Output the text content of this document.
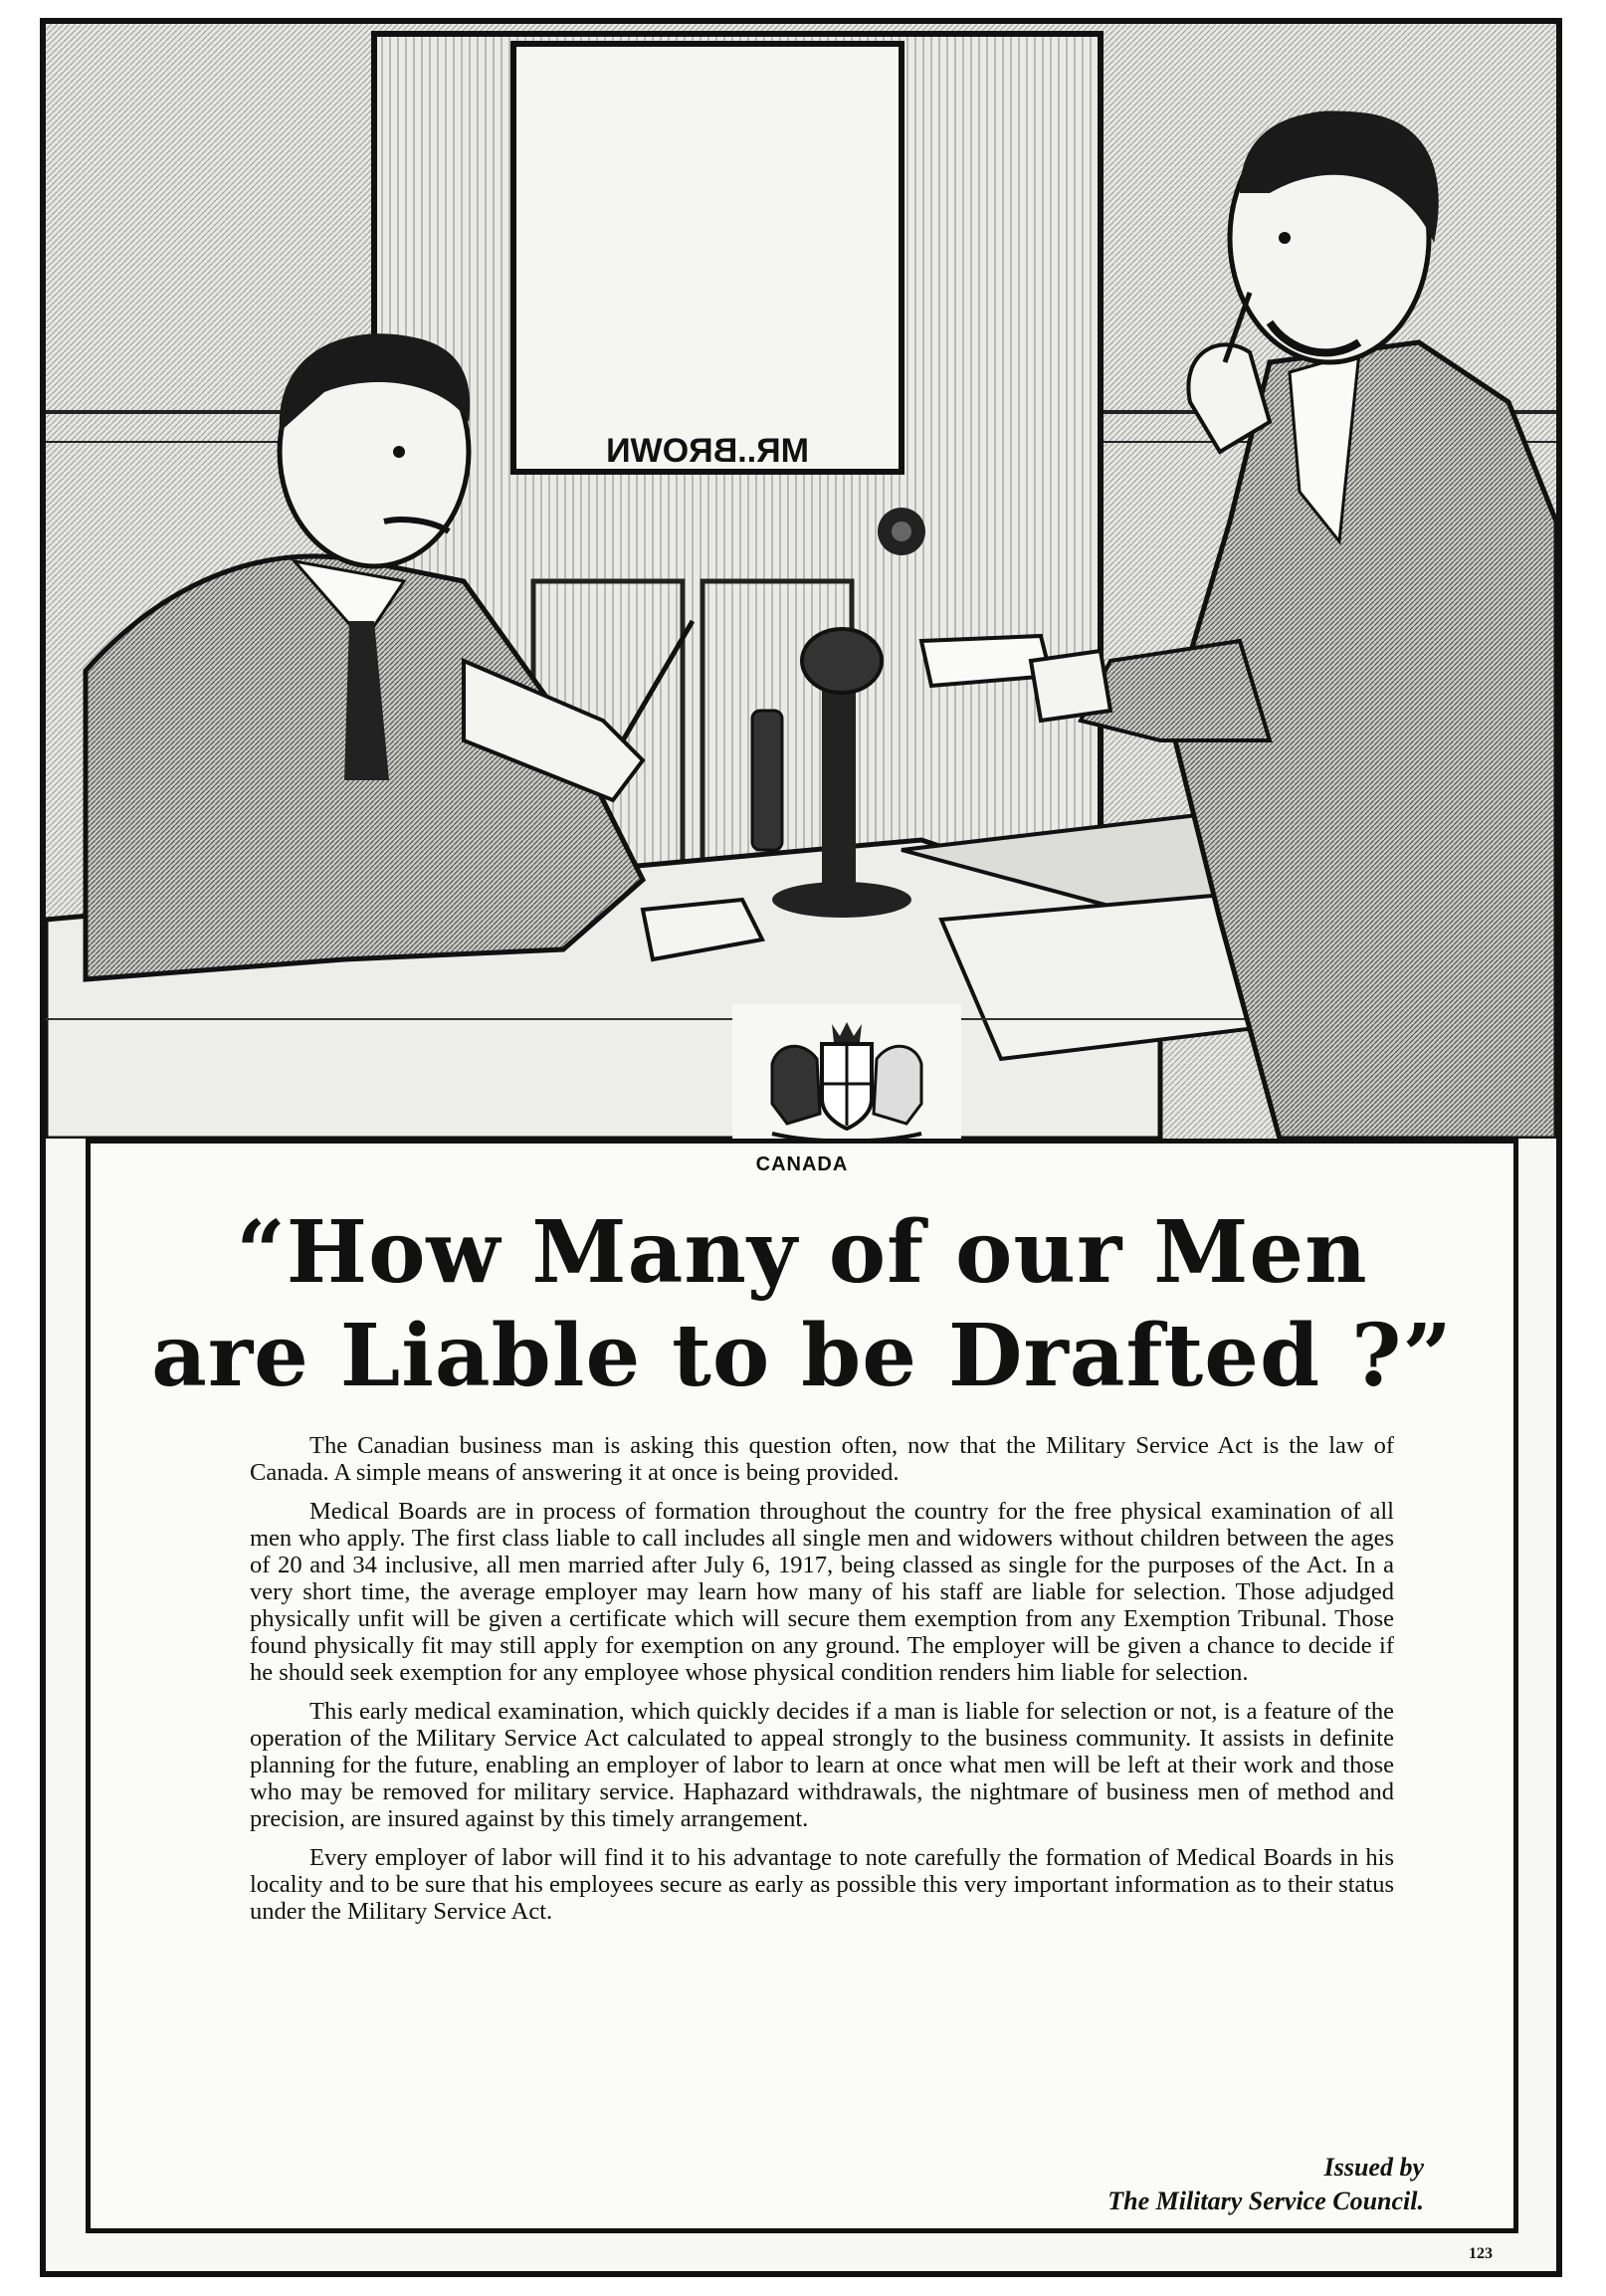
MR..BROWN
CANADA
“How Many of our Men
are Liable to be Drafted ?”

The Canadian business man is asking this question often, now that the Military Service Act is the law of Canada. A simple means of answering it at once is being provided.

Medical Boards are in process of formation throughout the country for the free physical examination of all men who apply. The first class liable to call includes all single men and widowers without children between the ages of 20 and 34 inclusive, all men married after July 6, 1917, being classed as single for the purposes of the Act. In a very short time, the average employer may learn how many of his staff are liable for selection. Those adjudged physically unfit will be given a certificate which will secure them exemption from any Exemption Tribunal. Those found physically fit may still apply for exemption on any ground. The employer will be given a chance to decide if he should seek exemption for any employee whose physical condition renders him liable for selection.

This early medical examination, which quickly decides if a man is liable for selection or not, is a feature of the operation of the Military Service Act calculated to appeal strongly to the business community. It assists in definite planning for the future, enabling an employer of labor to learn at once what men will be left at their work and those who may be removed for military service. Haphazard withdrawals, the nightmare of business men of method and precision, are insured against by this timely arrangement.

Every employer of labor will find it to his advantage to note carefully the formation of Medical Boards in his locality and to be sure that his employees secure as early as possible this very important information as to their status under the Military Service Act.

Issued by
The Military Service Council.
123
